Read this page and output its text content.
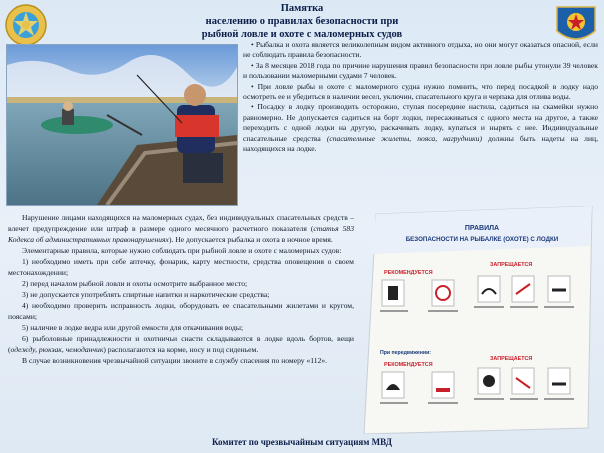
Памятка
населению о правилах безопасности при
рыбной ловле и охоте с маломерных судов

• Рыбалка и охота является великолепным видом активного отдыха, но они могут оказаться опасной, если не соблюдать правила безопасности.

• За 8 месяцев 2018 года по причине нарушения правил безопасности при ловле рыбы утонули 39 человек и пользовании маломерными судами 7 человек.

• При ловле рыбы и охоте с маломерного судна нужно помнить, что перед посадкой в лодку надо осмотреть ее и убедиться в наличии весел, уключин, спасательного круга и черпака для отлива воды.

• Посадку в лодку производить осторожно, ступая посередине настила, садиться на скамейки нужно равномерно. Не допускается садиться на борт лодки, пересаживаться с одного места на другое, а также переходить с одной лодки на другую, раскачивать лодку, купаться и нырять с нее. Индивидуальные спасательные средства (спасательные жилеты, пояса, нагрудники) должны быть надеты на лиц, находящихся на лодке.

Нарушение лицами находящихся на маломерных судах, без индивидуальных спасательных средств – влечет предупреждение или штраф в размере одного месячного расчетного показателя (статья 583 Кодекса об административных правонарушениях). Не допускается рыбалка и охота в ночное время.

Элементарные правила, которые нужно соблюдать при рыбной ловле и охоте с маломерных судов:

1) необходимо иметь при себе аптечку, фонарик, карту местности, средства оповещения о своем местонахождении;

2) перед началом рыбной ловли и охоты осмотрите выбранное место;

3) не допускается употреблять спиртные напитки и наркотические средства;

4) необходимо проверить исправность лодки, оборудовать ее спасательными жилетами и кругом, поясами;

5) наличие в лодке ведра или другой емкости для откачивания воды;

6) рыболовные принадлежности и охотничьи снасти складываются в лодке вдоль бортов, вещи (одежду, рюкзак, чемоданчик) располагаются на корме, носу и под сиденьем.

В случае возникновения чрезвычайной ситуации звоните в службу спасения по номеру «112».

ПРАВИЛА
БЕЗОПАСНОСТИ НА РЫБАЛКЕ (ОХОТЕ) С ЛОДКИ
РЕКОМЕНДУЕТСЯ
ЗАПРЕЩАЕТСЯ
При передвижении:
РЕКОМЕНДУЕТСЯ
ЗАПРЕЩАЕТСЯ
Комитет по чрезвычайным ситуациям МВД
